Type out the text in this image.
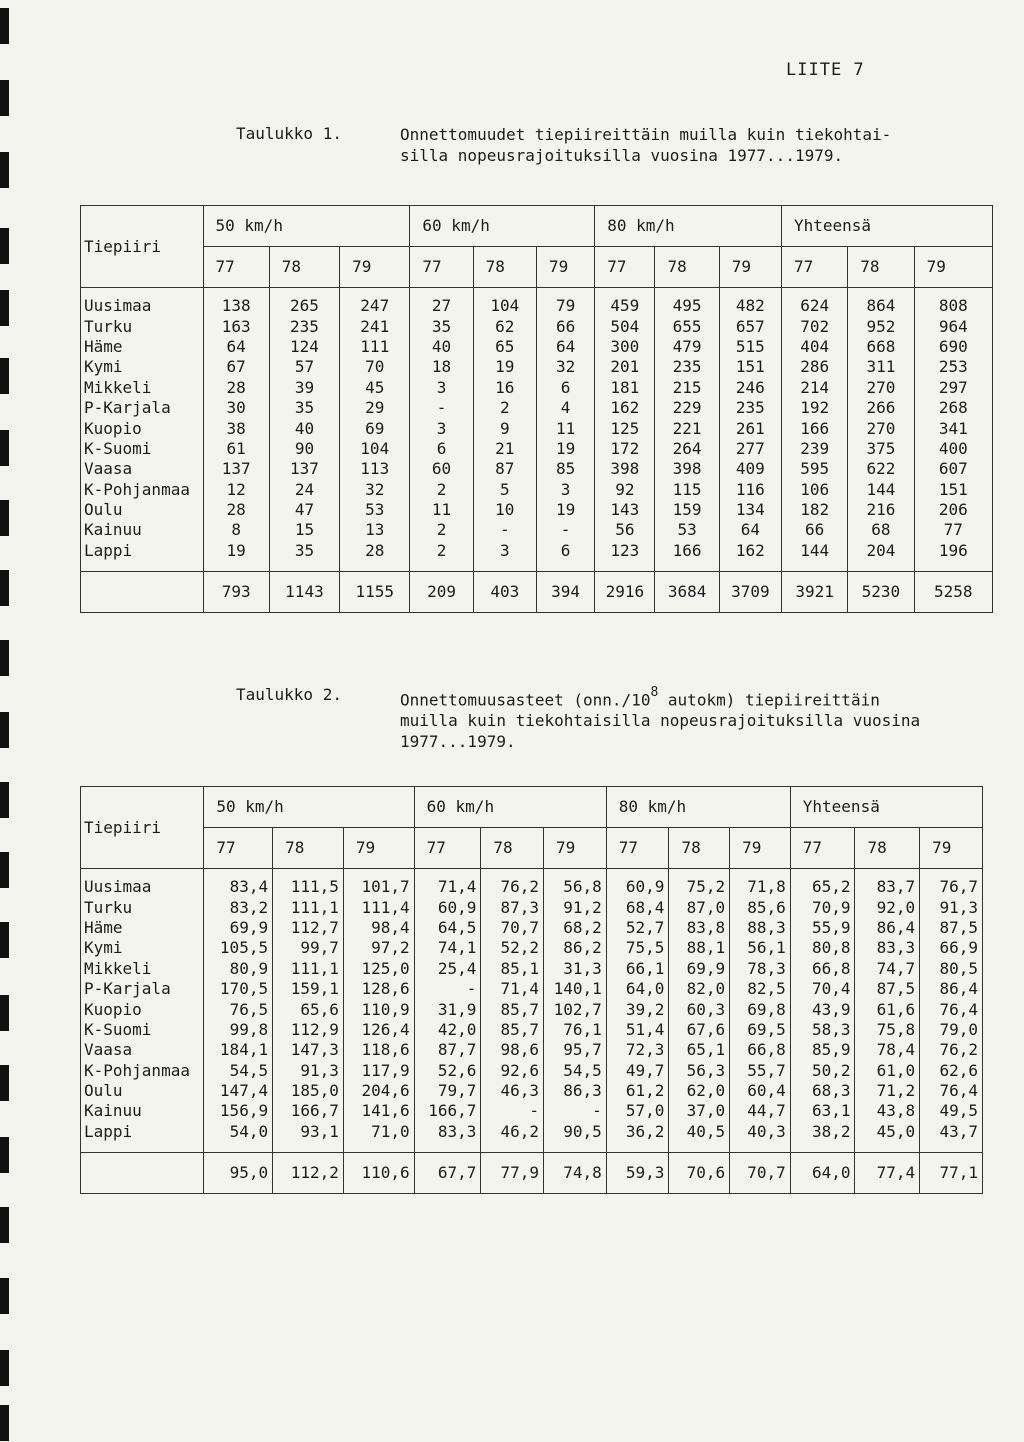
LIITE 7
Taulukko 1.	Onnettomuudet tiepiireittäin muilla kuin tiekohtai-
silla nopeusrajoituksilla vuosina 1977...1979.
Tiepiiri	50 km/h			60 km/h			80 km/h			Yhteensä		
	77	78	79	77	78	79	77	78	79	77	78	79
Uusimaa	138	265	247	27	104	79	459	495	482	624	864	808
Turku	163	235	241	35	62	66	504	655	657	702	952	964
Häme	64	124	111	40	65	64	300	479	515	404	668	690
Kymi	67	57	70	18	19	32	201	235	151	286	311	253
Mikkeli	28	39	45	3	16	6	181	215	246	214	270	297
P-Karjala	30	35	29	-	2	4	162	229	235	192	266	268
Kuopio	38	40	69	3	9	11	125	221	261	166	270	341
K-Suomi	61	90	104	6	21	19	172	264	277	239	375	400
Vaasa	137	137	113	60	87	85	398	398	409	595	622	607
K-Pohjanmaa	12	24	32	2	5	3	92	115	116	106	144	151
Oulu	28	47	53	11	10	19	143	159	134	182	216	206
Kainuu	8	15	13	2	-	-	56	53	64	66	68	77
Lappi	19	35	28	2	3	6	123	166	162	144	204	196
	793	1143	1155	209	403	394	2916	3684	3709	3921	5230	5258
Taulukko 2.	Onnettomuusasteet ($onn./10^8$ autokm) tiepiireittäin
muilla kuin tiekohtaisilla nopeusrajoituksilla vuosina
1977...1979.
Tiepiiri	50 km/h			60 km/h			80 km/h			Yhteensä		
	77	78	79	77	78	79	77	78	79	77	78	79
Uusimaa	83,4	111,5	101,7	71,4	76,2	56,8	60,9	75,2	71,8	65,2	83,7	76,7
Turku	83,2	111,1	111,4	60,9	87,3	91,2	68,4	87,0	85,6	70,9	92,0	91,3
Häme	69,9	112,7	98,4	64,5	70,7	68,2	52,7	83,8	88,3	55,9	86,4	87,5
Kymi	105,5	99,7	97,2	74,1	52,2	86,2	75,5	88,1	56,1	80,8	83,3	66,9
Mikkeli	80,9	111,1	125,0	25,4	85,1	31,3	66,1	69,9	78,3	66,8	74,7	80,5
P-Karjala	170,5	159,1	128,6	-	71,4	140,1	64,0	82,0	82,5	70,4	87,5	86,4
Kuopio	76,5	65,6	110,9	31,9	85,7	102,7	39,2	60,3	69,8	43,9	61,6	76,4
K-Suomi	99,8	112,9	126,4	42,0	85,7	76,1	51,4	67,6	69,5	58,3	75,8	79,0
Vaasa	184,1	147,3	118,6	87,7	98,6	95,7	72,3	65,1	66,8	85,9	78,4	76,2
K-Pohjanmaa	54,5	91,3	117,9	52,6	92,6	54,5	49,7	56,3	55,7	50,2	61,0	62,6
Oulu	147,4	185,0	204,6	79,7	46,3	86,3	61,2	62,0	60,4	68,3	71,2	76,4
Kainuu	156,9	166,7	141,6	166,7	-	-	57,0	37,0	44,7	63,1	43,8	49,5
Lappi	54,0	93,1	71,0	83,3	46,2	90,5	36,2	40,5	40,3	38,2	45,0	43,7
	95,0	112,2	110,6	67,7	77,9	74,8	59,3	70,6	70,7	64,0	77,4	77,1
